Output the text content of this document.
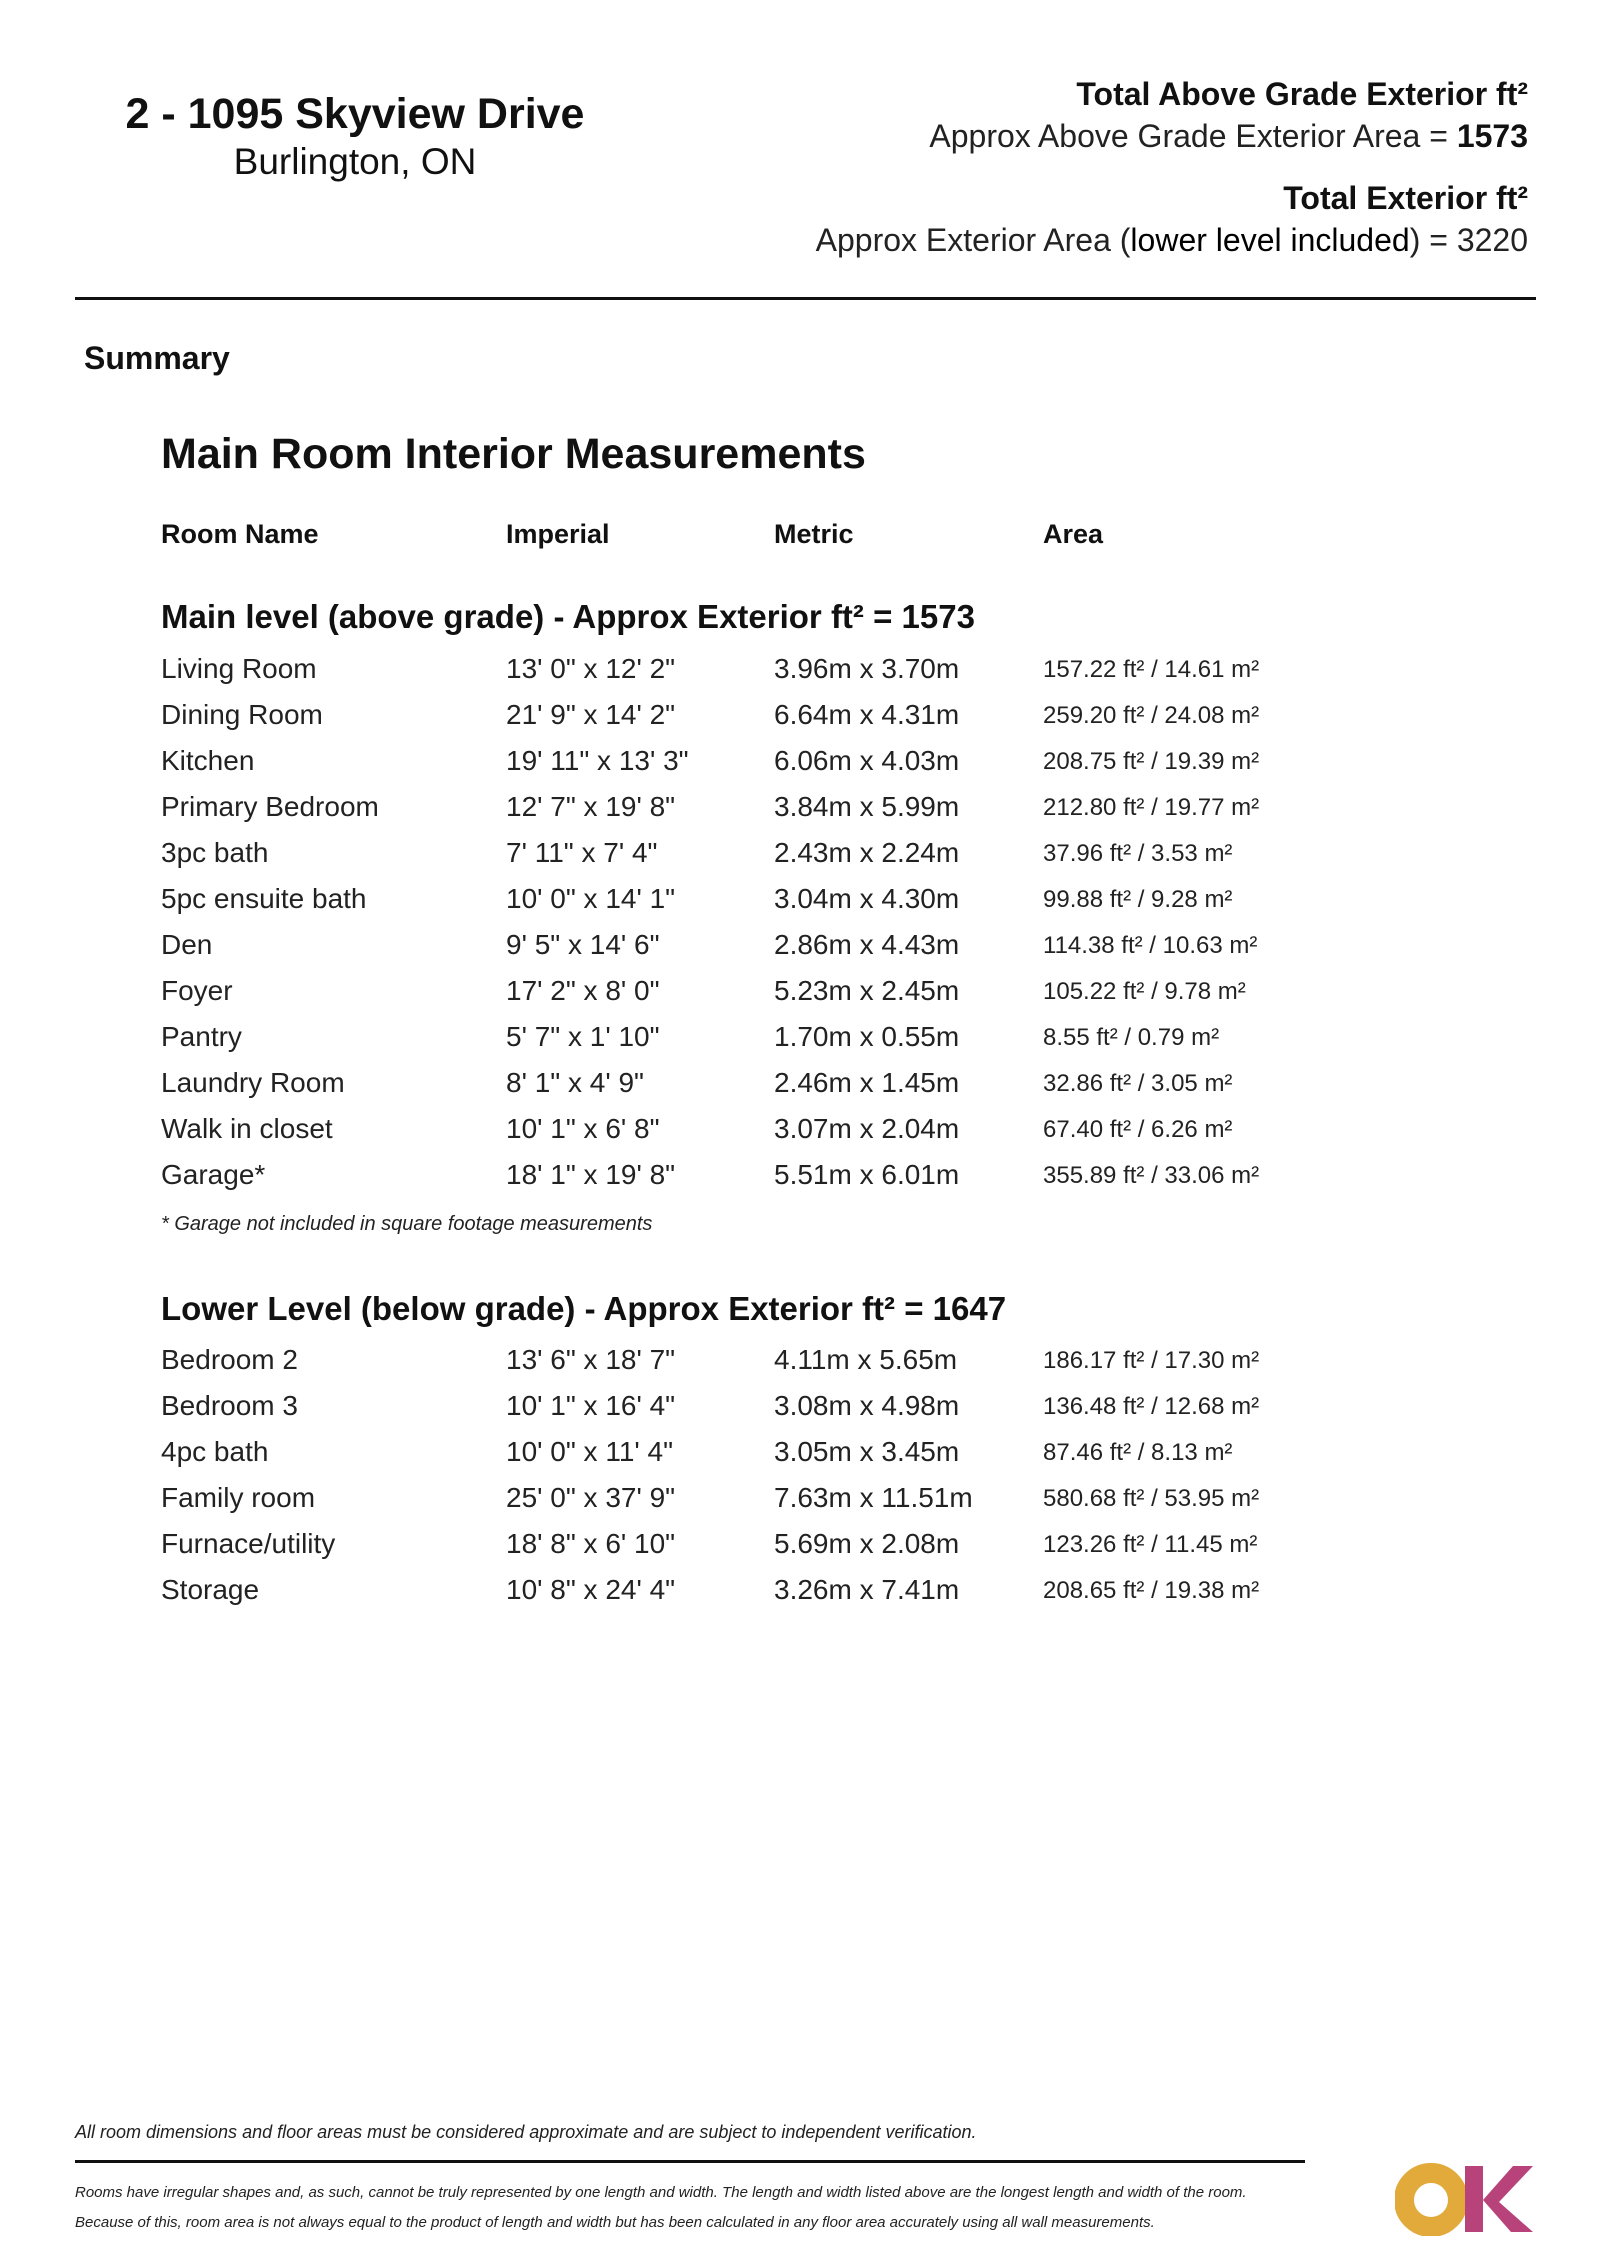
2 - 1095 Skyview Drive
Burlington, ON
Total Above Grade Exterior ft²
Approx Above Grade Exterior Area = 1573
Total Exterior ft²
Approx Exterior Area (lower level included) = 3220
Summary
Main Room Interior Measurements
Room Name	Imperial	Metric	Area
Main level (above grade) - Approx Exterior ft² = 1573
Living Room	13' 0" x 12' 2"	3.96m x 3.70m	157.22 ft² / 14.61 m²
Dining Room	21' 9" x 14' 2"	6.64m x 4.31m	259.20 ft² / 24.08 m²
Kitchen	19' 11" x 13' 3"	6.06m x 4.03m	208.75 ft² / 19.39 m²
Primary Bedroom	12' 7" x 19' 8"	3.84m x 5.99m	212.80 ft² / 19.77 m²
3pc bath	7' 11" x 7' 4"	2.43m x 2.24m	37.96 ft² / 3.53 m²
5pc ensuite bath	10' 0" x 14' 1"	3.04m x 4.30m	99.88 ft² / 9.28 m²
Den	9' 5" x 14' 6"	2.86m x 4.43m	114.38 ft² / 10.63 m²
Foyer	17' 2" x 8' 0"	5.23m x 2.45m	105.22 ft² / 9.78 m²
Pantry	5' 7" x 1' 10"	1.70m x 0.55m	8.55 ft² / 0.79 m²
Laundry Room	8' 1" x 4' 9"	2.46m x 1.45m	32.86 ft² / 3.05 m²
Walk in closet	10' 1" x 6' 8"	3.07m x 2.04m	67.40 ft² / 6.26 m²
Garage*	18' 1" x 19' 8"	5.51m x 6.01m	355.89 ft² / 33.06 m²
* Garage not included in square footage measurements
Lower Level (below grade) - Approx Exterior ft² = 1647
Bedroom 2	13' 6" x 18' 7"	4.11m x 5.65m	186.17 ft² / 17.30 m²
Bedroom 3	10' 1" x 16' 4"	3.08m x 4.98m	136.48 ft² / 12.68 m²
4pc bath	10' 0" x 11' 4"	3.05m x 3.45m	87.46 ft² / 8.13 m²
Family room	25' 0" x 37' 9"	7.63m x 11.51m	580.68 ft² / 53.95 m²
Furnace/utility	18' 8" x 6' 10"	5.69m x 2.08m	123.26 ft² / 11.45 m²
Storage	10' 8" x 24' 4"	3.26m x 7.41m	208.65 ft² / 19.38 m²
All room dimensions and floor areas must be considered approximate and are subject to independent verification.
Rooms have irregular shapes and, as such, cannot be truly represented by one length and width. The length and width listed above are the longest length and width of the room.
Because of this, room area is not always equal to the product of length and width but has been calculated in any floor area accurately using all wall measurements.
